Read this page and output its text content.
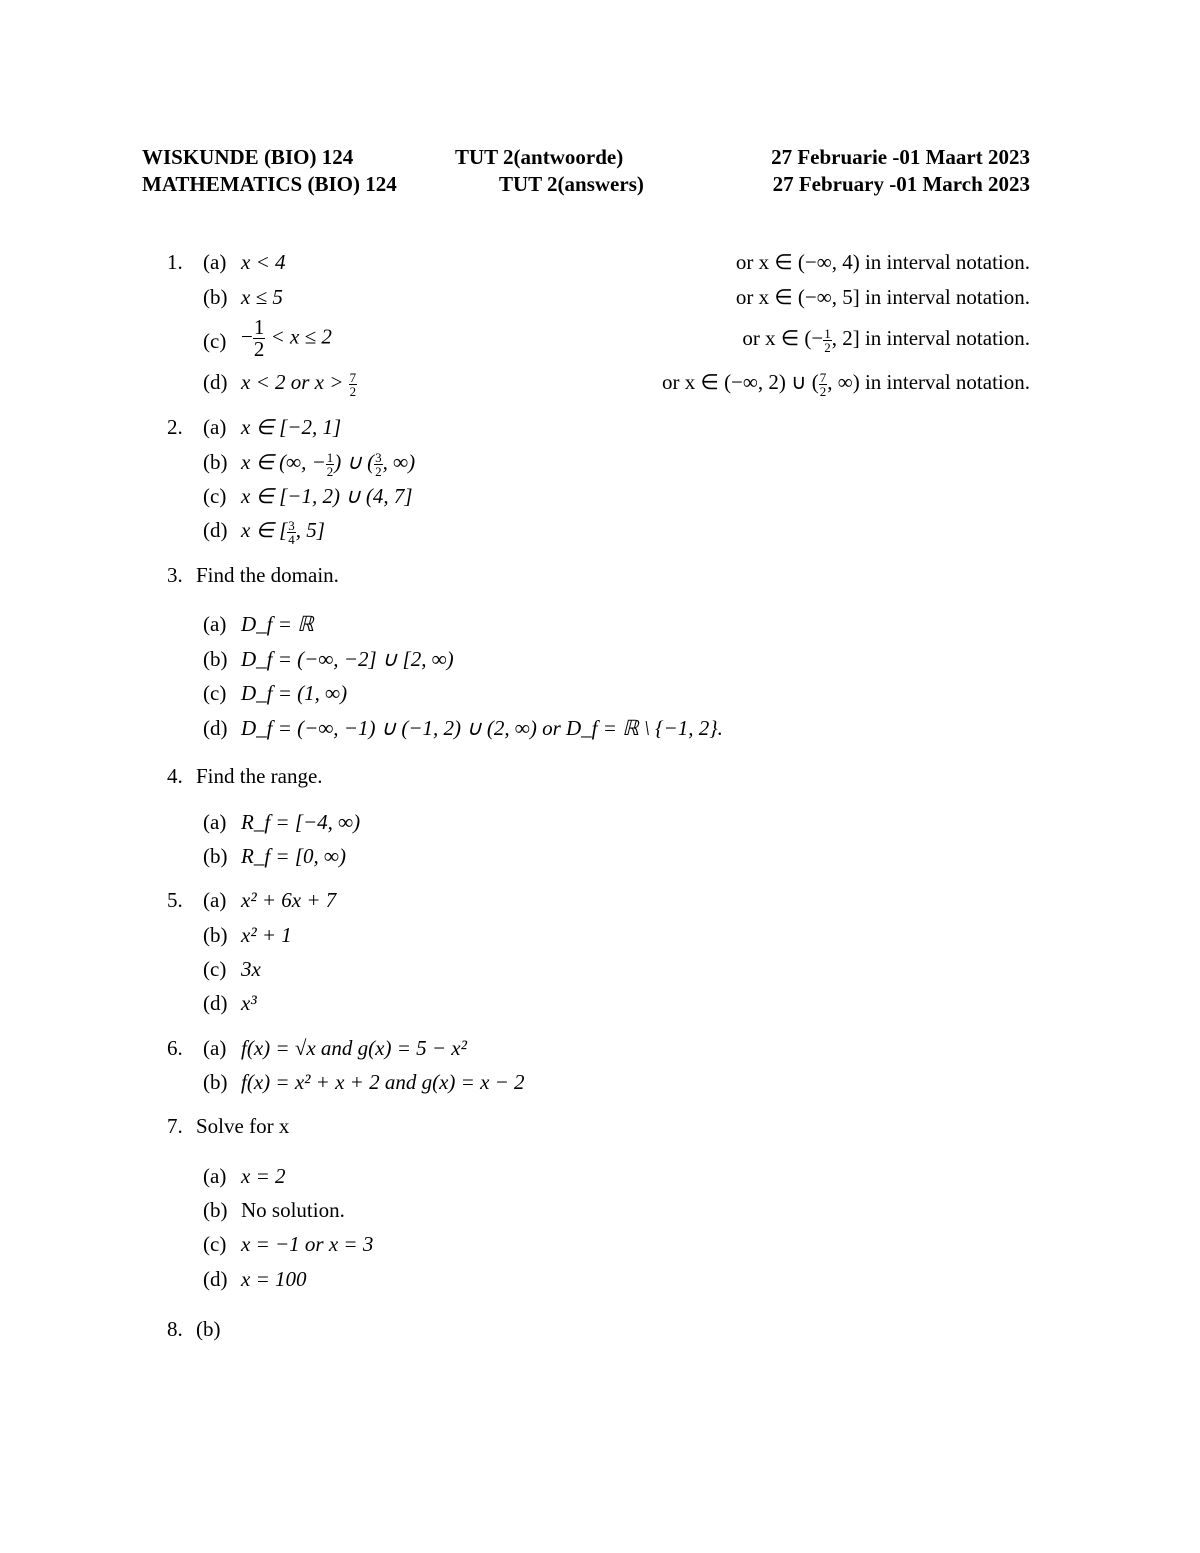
WISKUNDE (BIO) 124	TUT 2(antwoorde)	27 Februarie -01 Maart 2023
MATHEMATICS (BIO) 124	TUT 2(answers)	27 February -01 March 2023
1. (a) x < 4	or x ∈ (−∞, 4) in interval notation.
(b) x ≤ 5	or x ∈ (−∞, 5] in interval notation.
$(c) - \frac{1}{2} < x \le 2$	or x ∈ (− $\frac{1}{2}$ , 2] in interval notation.
(d) x < 2 or $x > \frac{7}{2}$	or x ∈ (−∞, 2) ∪ ( $\frac{7}{2}$ , ∞) in interval notation.
2. (a) x ∈ [−2, 1]
(b) x ∈ (∞, − $\frac{1}{2}$ ) ∪ ( $\frac{3}{2}$ , ∞)
(c) x ∈ [−1, 2) ∪ (4, 7]
(d) x ∈ [ $\frac{3}{4}$ , 5]
3. Find the domain.
(a) D_f = ℝ
(b) D_f = (−∞, −2] ∪ [2, ∞)
(c) D_f = (1, ∞)
(d) D_f = (−∞, −1) ∪ (−1, 2) ∪ (2, ∞) or D_f = ℝ \ {−1, 2}.
4. Find the range.
(a) R_f = [−4, ∞)
(b) R_f = [0, ∞)
5. (a) x² + 6x + 7
(b) x² + 1
(c) 3x
(d) x³
6. (a) f(x) = √x and g(x) = 5 − x²
(b) f(x) = x² + x + 2 and g(x) = x − 2
7. Solve for x
(a) x = 2
(b) No solution.
(c) x = −1 or x = 3
(d) x = 100
8. (b)
